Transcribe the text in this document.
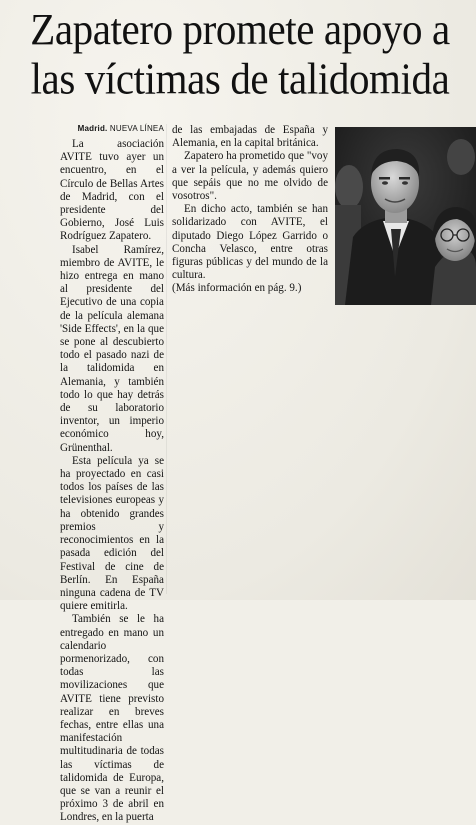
Zapatero promete apoyo a
las víctimas de talidomida
Madrid. NUEVA LÍNEA

La asociación AVITE tuvo ayer un encuentro, en el Círculo de Bellas Artes de Madrid, con el presidente del Gobierno, José Luis Rodríguez Zapatero.

Isabel Ramírez, miembro de AVITE, le hizo entrega en mano al presidente del Ejecutivo de una copia de la película alemana 'Side Effects', en la que se pone al descubierto todo el pasado nazi de la talidomida en Alemania, y también todo lo que hay detrás de su laboratorio inventor, un imperio económico hoy, Grünenthal.

Esta película ya se ha proyectado en casi todos los países de las televisiones europeas y ha obtenido grandes premios y reconocimientos en la pasada edición del Festival de cine de Berlín. En España ninguna cadena de TV quiere emitirla.

También se le ha entregado en mano un calendario pormenorizado, con todas las movilizaciones que AVITE tiene previsto realizar en breves fechas, entre ellas una manifestación multitudinaria de todas las víctimas de talidomida de Europa, que se van a reunir el próximo 3 de abril en Londres, en la puerta

de las embajadas de España y Alemania, en la capital británica.

Zapatero ha prometido que "voy a ver la película, y además quiero que sepáis que no me olvido de vosotros".

En dicho acto, también se han solidarizado con AVITE, el diputado Diego López Garrido o Concha Velasco, entre otras figuras públicas y del mundo de la cultura.

(Más información en pág. 9.)
